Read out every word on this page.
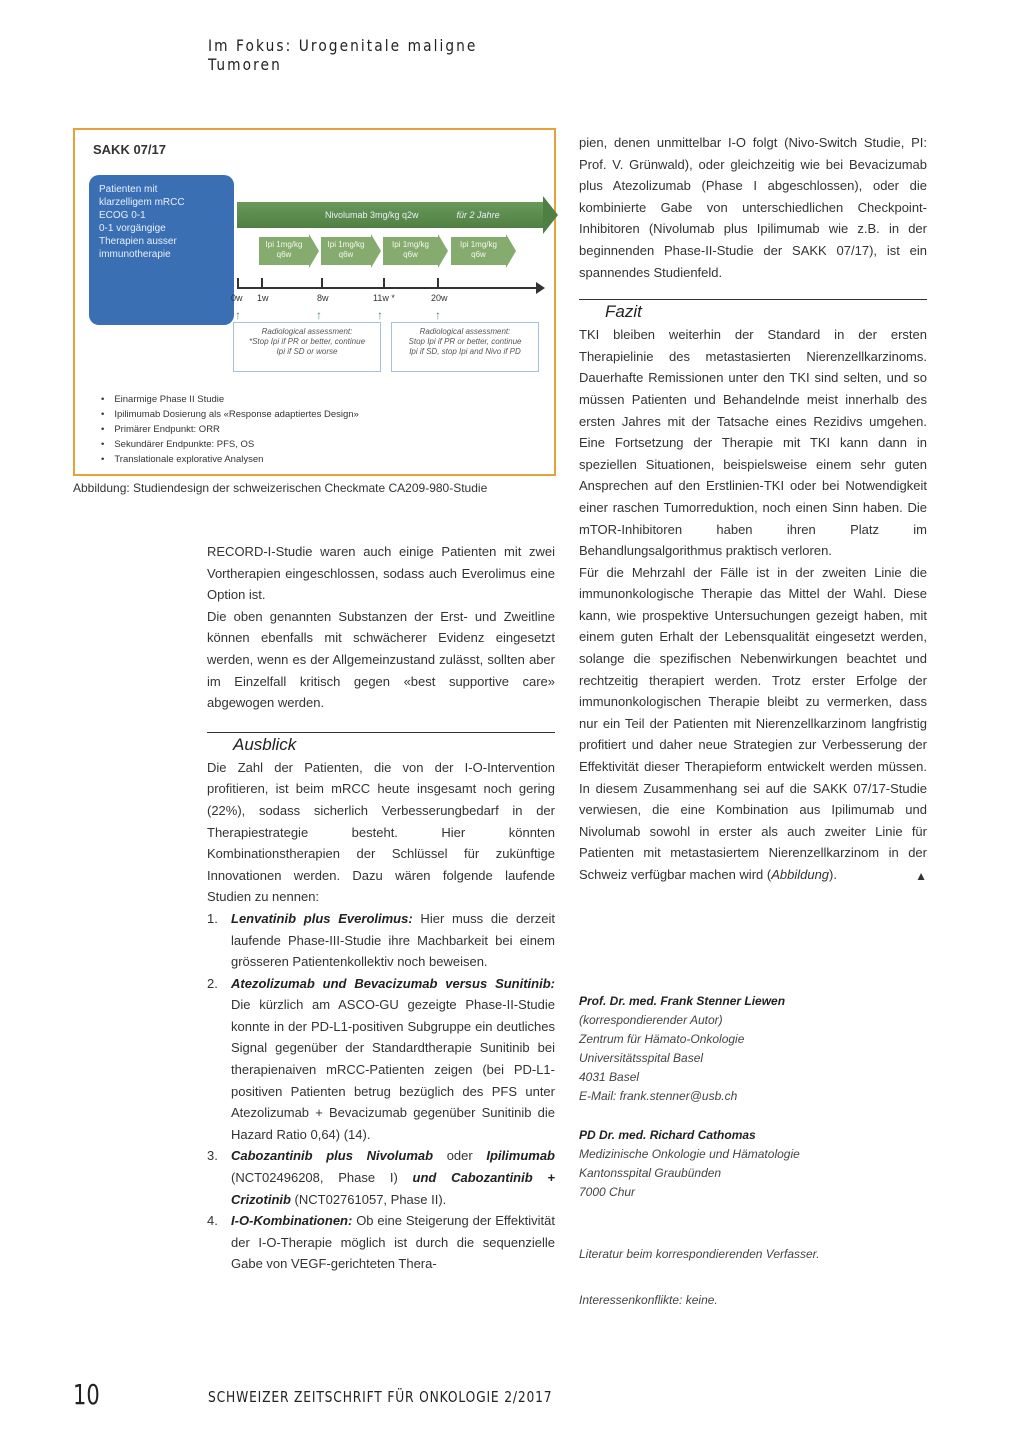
Im Fokus: Urogenitale maligne Tumoren
SAKK 07/17
Patienten mit
klarzelligem mRCC
ECOG 0-1
0-1 vorgängige
Therapien ausser
immunotherapie
Nivolumab 3mg/kg q2w	für 2 Jahre
Ipi 1mg/kg
q6w
Ipi 1mg/kg
q6w
Ipi 1mg/kg
q6w
Ipi 1mg/kg
q6w
0w 1w	8w	11w *	20w
↑	↑	↑	↑
Radiological assessment:
*Stop Ipi if PR or better, continue
Ipi if SD or worse
Radiological assessment:
Stop Ipi if PR or better, continue
Ipi if SD, stop Ipi and Nivo if PD
• Einarmige Phase II Studie
• Ipilimumab Dosierung als «Response adaptiertes Design»
• Primärer Endpunkt: ORR
• Sekundärer Endpunkte: PFS, OS
• Translationale explorative Analysen
Abbildung: Studiendesign der schweizerischen Checkmate CA209-980-Studie

RECORD-I-Studie waren auch einige Patienten mit zwei Vortherapien eingeschlossen, sodass auch Everolimus eine Option ist.

Die oben genannten Substanzen der Erst- und Zweitline können ebenfalls mit schwächerer Evidenz eingesetzt werden, wenn es der Allgemeinzustand zulässt, sollten aber im Einzelfall kritisch gegen «best supportive care» abgewogen werden.

Ausblick

Die Zahl der Patienten, die von der I-O-Intervention profitieren, ist beim mRCC heute insgesamt noch gering (22%), sodass sicherlich Verbesserungbedarf in der Therapiestrategie besteht. Hier könnten Kombinationstherapien der Schlüssel für zukünftige Innovationen werden. Dazu wären folgende laufende Studien zu nennen:

1.	Lenvatinib plus Everolimus: Hier muss die derzeit laufende Phase-III-Studie ihre Machbarkeit bei einem grösseren Patientenkollektiv noch beweisen.
2.	Atezolizumab und Bevacizumab versus Sunitinib: Die kürzlich am ASCO-GU gezeigte Phase-II-Studie konnte in der PD-L1-positiven Subgruppe ein deutliches Signal gegenüber der Standardtherapie Sunitinib bei therapienaiven mRCC-Patienten zeigen (bei PD-L1-positiven Patienten betrug bezüglich des PFS unter Atezolizumab + Bevacizumab gegenüber Sunitinib die Hazard Ratio 0,64) (14).
3.	Cabozantinib plus Nivolumab oder Ipilimumab (NCT02496208, Phase I) und Cabozantinib + Crizotinib (NCT02761057, Phase II).
4.	I-O-Kombinationen: Ob eine Steigerung der Effektivität der I-O-Therapie möglich ist durch die sequenzielle Gabe von VEGF-gerichteten Thera-

pien, denen unmittelbar I-O folgt (Nivo-Switch Studie, PI: Prof. V. Grünwald), oder gleichzeitig wie bei Bevacizumab plus Atezolizumab (Phase I abgeschlossen), oder die kombinierte Gabe von unterschiedlichen Checkpoint-Inhibitoren (Nivolumab plus Ipilimumab wie z.B. in der beginnenden Phase-II-Studie der SAKK 07/17), ist ein spannendes Studienfeld.

Fazit

TKI bleiben weiterhin der Standard in der ersten Therapielinie des metastasierten Nierenzellkarzinoms. Dauerhafte Remissionen unter den TKI sind selten, und so müssen Patienten und Behandelnde meist innerhalb des ersten Jahres mit der Tatsache eines Rezidivs umgehen. Eine Fortsetzung der Therapie mit TKI kann dann in speziellen Situationen, beispielsweise einem sehr guten Ansprechen auf den Erstlinien-TKI oder bei Notwendigkeit einer raschen Tumorreduktion, noch einen Sinn haben. Die mTOR-Inhibitoren haben ihren Platz im Behandlungsalgorithmus praktisch verloren.

Für die Mehrzahl der Fälle ist in der zweiten Linie die immunonkologische Therapie das Mittel der Wahl. Diese kann, wie prospektive Untersuchungen gezeigt haben, mit einem guten Erhalt der Lebensqualität eingesetzt werden, solange die spezifischen Nebenwirkungen beachtet und rechtzeitig therapiert werden. Trotz erster Erfolge der immunonkologischen Therapie bleibt zu vermerken, dass nur ein Teil der Patienten mit Nierenzellkarzinom langfristig profitiert und daher neue Strategien zur Verbesserung der Effektivität dieser Therapieform entwickelt werden müssen. In diesem Zusammenhang sei auf die SAKK 07/17-Studie verwiesen, die eine Kombination aus Ipilimumab und Nivolumab sowohl in erster als auch zweiter Linie für Patienten mit metastasiertem Nierenzellkarzinom in der Schweiz verfügbar machen wird (Abbildung).	▲

Prof. Dr. med. Frank Stenner Liewen
(korrespondierender Autor)
Zentrum für Hämato-Onkologie
Universitätsspital Basel
4031 Basel
E-Mail: frank.stenner@usb.ch
PD Dr. med. Richard Cathomas
Medizinische Onkologie und Hämatologie
Kantonsspital Graubünden
7000 Chur
Literatur beim korrespondierenden Verfasser.
Interessenkonflikte: keine.
10	SCHWEIZER ZEITSCHRIFT FÜR ONKOLOGIE 2/2017
